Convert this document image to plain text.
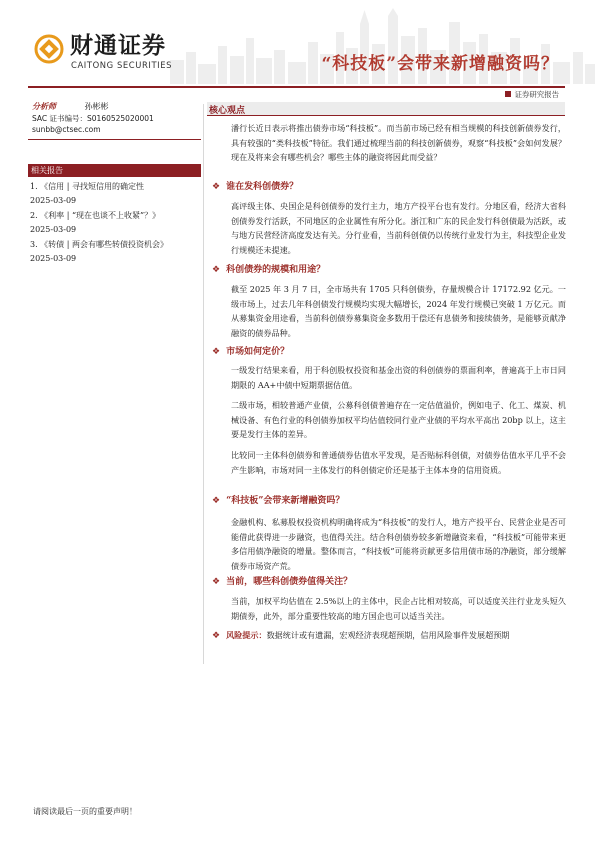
财通证券
CAITONG SECURITIES	“科技板”会带来新增融资吗？
证券研究报告
分析师	孙彬彬
SAC 证书编号：S0160525020001
sunbb@ctsec.com
相关报告
1. 《信用 | 寻找短信用的确定性
2025-03-09
2. 《利率 | “现在也谈不上收紧”？》
2025-03-09
3. 《转债 | 两会有哪些转债投资机会》
2025-03-09
核心观点
潘行长近日表示将推出债券市场“科技板”。而当前市场已经有相当规模的科技创新债券发行，具有较强的“类科技板”特征。我们通过梳理当前的科技创新债券，观察“科技板”会如何发展？现在及将来会有哪些机会？哪些主体的融资将因此而受益？
❖ 谁在发科创债券？
高评级主体、央国企是科创债券的发行主力，地方产投平台也有发行。分地区看，经济大省科创债券发行活跃，不同地区的企业属性有所分化。浙江和广东的民企发行科创债最为活跃，或与地方民营经济高度发达有关。分行业看，当前科创债仍以传统行业发行为主，科技型企业发行规模还未提速。
❖ 科创债券的规模和用途？
截至 2025 年 3 月 7 日，全市场共有 1705 只科创债券，存量规模合计 17172.92 亿元。一级市场上，过去几年科创债发行规模均实现大幅增长，2024 年发行规模已突破 1 万亿元。而从募集资金用途看，当前科创债券募集资金多数用于偿还有息债务和接续债务，是能够贡献净融资的债券品种。
❖ 市场如何定价？
一级发行结果来看，用于科创股权投资和基金出资的科创债券的票面利率，普遍高于上市日同期限的 AA+中债中短期票据估值。
二级市场，相较普通产业债，公募科创债普遍存在一定估值溢价，例如电子、化工、煤炭、机械设备、有色行业的科创债券加权平均估值较同行业产业债的平均水平高出 20bp 以上，这主要是发行主体的差异。
比较同一主体科创债券和普通债券估值水平发现，是否贴标科创债，对债券估值水平几乎不会产生影响，市场对同一主体发行的科创债定价还是基于主体本身的信用资质。
❖ “科技板”会带来新增融资吗？
金融机构、私募股权投资机构明确将成为“科技板”的发行人，地方产投平台、民营企业是否可能借此获得进一步融资，也值得关注。结合科创债券较多新增融资来看，“科技板”可能带来更多信用债净融资的增量。整体而言，“科技板”可能将贡献更多信用债市场的净融资，部分缓解债券市场资产荒。
❖ 当前，哪些科创债券值得关注？
当前，加权平均估值在 2.5%以上的主体中，民企占比相对较高，可以适度关注行业龙头短久期债券，此外，部分重要性较高的地方国企也可以适当关注。
❖ 风险提示：数据统计或有遗漏，宏观经济表现超预期，信用风险事件发展超预期
请阅读最后一页的重要声明！
